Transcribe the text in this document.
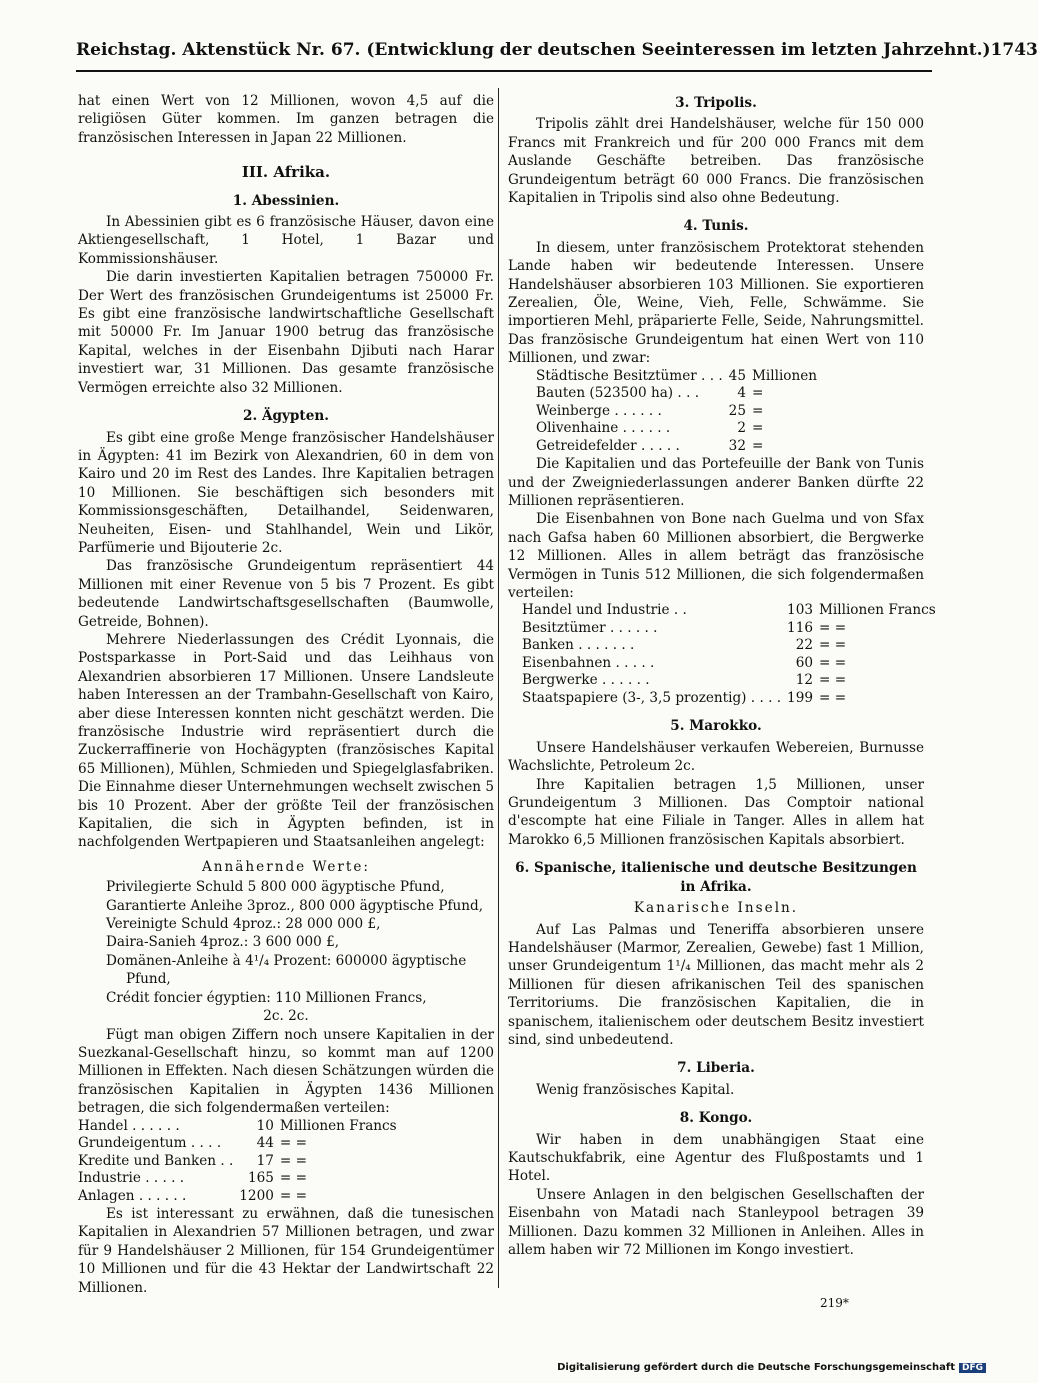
Reichstag. Aktenstück Nr. 67. (Entwicklung der deutschen Seeinteressen im letzten Jahrzehnt.) 1743

hat einen Wert von 12 Millionen, wovon 4,5 auf die religiösen Güter kommen. Im ganzen betragen die französischen Interessen in Japan 22 Millionen.

III. Afrika.
1. Abessinien.

In Abessinien gibt es 6 französische Häuser, davon eine Aktiengesellschaft, 1 Hotel, 1 Bazar und Kommissionshäuser.

Die darin investierten Kapitalien betragen 750000 Fr. Der Wert des französischen Grundeigentums ist 25000 Fr. Es gibt eine französische landwirtschaftliche Gesellschaft mit 50000 Fr. Im Januar 1900 betrug das französische Kapital, welches in der Eisenbahn Djibuti nach Harar investiert war, 31 Millionen. Das gesamte französische Vermögen erreichte also 32 Millionen.

2. Ägypten.

Es gibt eine große Menge französischer Handelshäuser in Ägypten: 41 im Bezirk von Alexandrien, 60 in dem von Kairo und 20 im Rest des Landes. Ihre Kapitalien betragen 10 Millionen. Sie beschäftigen sich besonders mit Kommissionsgeschäften, Detailhandel, Seidenwaren, Neuheiten, Eisen- und Stahlhandel, Wein und Likör, Parfümerie und Bijouterie 2c.

Das französische Grundeigentum repräsentiert 44 Millionen mit einer Revenue von 5 bis 7 Prozent. Es gibt bedeutende Landwirtschaftsgesellschaften (Baumwolle, Getreide, Bohnen).

Mehrere Niederlassungen des Crédit Lyonnais, die Postsparkasse in Port-Said und das Leihhaus von Alexandrien absorbieren 17 Millionen. Unsere Landsleute haben Interessen an der Trambahn-Gesellschaft von Kairo, aber diese Interessen konnten nicht geschätzt werden. Die französische Industrie wird repräsentiert durch die Zuckerraffinerie von Hochägypten (französisches Kapital 65 Millionen), Mühlen, Schmieden und Spiegelglasfabriken. Die Einnahme dieser Unternehmungen wechselt zwischen 5 bis 10 Prozent. Aber der größte Teil der französischen Kapitalien, die sich in Ägypten befinden, ist in nachfolgenden Wertpapieren und Staatsanleihen angelegt:

Annähernde Werte:
Privilegierte Schuld 5 800 000 ägyptische Pfund,
Garantierte Anleihe 3proz., 800 000 ägyptische Pfund,
Vereinigte Schuld 4proz.: 28 000 000 £,
Daira-Sanieh 4proz.: 3 600 000 £,
Domänen-Anleihe à 4¹/₄ Prozent: 600000 ägyptische Pfund,
Crédit foncier égyptien: 110 Millionen Francs,
2c. 2c.

Fügt man obigen Ziffern noch unsere Kapitalien in der Suezkanal-Gesellschaft hinzu, so kommt man auf 1200 Millionen in Effekten. Nach diesen Schätzungen würden die französischen Kapitalien in Ägypten 1436 Millionen betragen, die sich folgendermaßen verteilen:

Handel . . . . . .	10	Millionen Francs
Grundeigentum . . . .	44	= =
Kredite und Banken . .	17	= =
Industrie . . . . .	165	= =
Anlagen . . . . . .	1200	= =

Es ist interessant zu erwähnen, daß die tunesischen Kapitalien in Alexandrien 57 Millionen betragen, und zwar für 9 Handelshäuser 2 Millionen, für 154 Grundeigentümer 10 Millionen und für die 43 Hektar der Landwirtschaft 22 Millionen.

3. Tripolis.

Tripolis zählt drei Handelshäuser, welche für 150 000 Francs mit Frankreich und für 200 000 Francs mit dem Auslande Geschäfte betreiben. Das französische Grundeigentum beträgt 60 000 Francs. Die französischen Kapitalien in Tripolis sind also ohne Bedeutung.

4. Tunis.

In diesem, unter französischem Protektorat stehenden Lande haben wir bedeutende Interessen. Unsere Handelshäuser absorbieren 103 Millionen. Sie exportieren Zerealien, Öle, Weine, Vieh, Felle, Schwämme. Sie importieren Mehl, präparierte Felle, Seide, Nahrungsmittel. Das französische Grundeigentum hat einen Wert von 110 Millionen, und zwar:

Städtische Besitztümer . . .	45	Millionen
Bauten (523500 ha) . . .	4	=
Weinberge . . . . . .	25	=
Olivenhaine . . . . . .	2	=
Getreidefelder . . . . .	32	=

Die Kapitalien und das Portefeuille der Bank von Tunis und der Zweigniederlassungen anderer Banken dürfte 22 Millionen repräsentieren.

Die Eisenbahnen von Bone nach Guelma und von Sfax nach Gafsa haben 60 Millionen absorbiert, die Bergwerke 12 Millionen. Alles in allem beträgt das französische Vermögen in Tunis 512 Millionen, die sich folgendermaßen verteilen:

Handel und Industrie . .	103	Millionen Francs
Besitztümer . . . . . .	116	= =
Banken . . . . . . .	22	= =
Eisenbahnen . . . . .	60	= =
Bergwerke . . . . . .	12	= =
Staatspapiere (3-, 3,5 prozentig) . . . .	199	= =
5. Marokko.

Unsere Handelshäuser verkaufen Webereien, Burnusse Wachslichte, Petroleum 2c.

Ihre Kapitalien betragen 1,5 Millionen, unser Grundeigentum 3 Millionen. Das Comptoir national d'escompte hat eine Filiale in Tanger. Alles in allem hat Marokko 6,5 Millionen französischen Kapitals absorbiert.

6. Spanische, italienische und deutsche Besitzungen in Afrika.
Kanarische Inseln.

Auf Las Palmas und Teneriffa absorbieren unsere Handelshäuser (Marmor, Zerealien, Gewebe) fast 1 Million, unser Grundeigentum 1¹/₄ Millionen, das macht mehr als 2 Millionen für diesen afrikanischen Teil des spanischen Territoriums. Die französischen Kapitalien, die in spanischem, italienischem oder deutschem Besitz investiert sind, sind unbedeutend.

7. Liberia.

Wenig französisches Kapital.

8. Kongo.

Wir haben in dem unabhängigen Staat eine Kautschukfabrik, eine Agentur des Flußpostamts und 1 Hotel.

Unsere Anlagen in den belgischen Gesellschaften der Eisenbahn von Matadi nach Stanleypool betragen 39 Millionen. Dazu kommen 32 Millionen in Anleihen. Alles in allem haben wir 72 Millionen im Kongo investiert.

219*
Digitalisierung gefördert durch die Deutsche Forschungsgemeinschaft DFG
